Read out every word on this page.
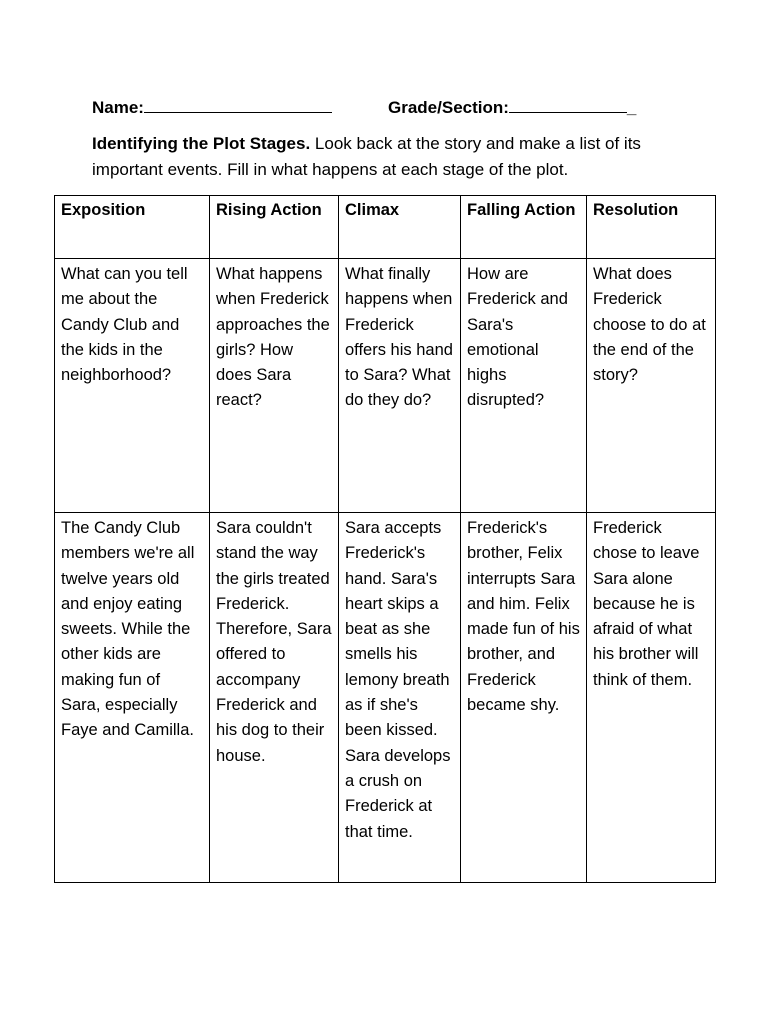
Name:	Grade/Section:	_
Identifying the Plot Stages. Look back at the story and make a list of its important events. Fill in what happens at each stage of the plot.
Exposition	Rising Action	Climax	Falling Action	Resolution
What can you tell me about the Candy Club and the kids in the neighborhood?	What happens when Frederick approaches the girls? How does Sara react?	What finally happens when Frederick offers his hand to Sara? What do they do?	How are Frederick and Sara's emotional highs disrupted?	What does Frederick choose to do at the end of the story?
The Candy Club members we're all twelve years old and enjoy eating sweets. While the other kids are making fun of Sara, especially Faye and Camilla.	Sara couldn't stand the way the girls treated Frederick. Therefore, Sara offered to accompany Frederick and his dog to their house.	Sara accepts Frederick's hand. Sara's heart skips a beat as she smells his lemony breath as if she's been kissed. Sara develops a crush on Frederick at that time.	Frederick's brother, Felix interrupts Sara and him. Felix made fun of his brother, and Frederick became shy.	Frederick chose to leave Sara alone because he is afraid of what his brother will think of them.
